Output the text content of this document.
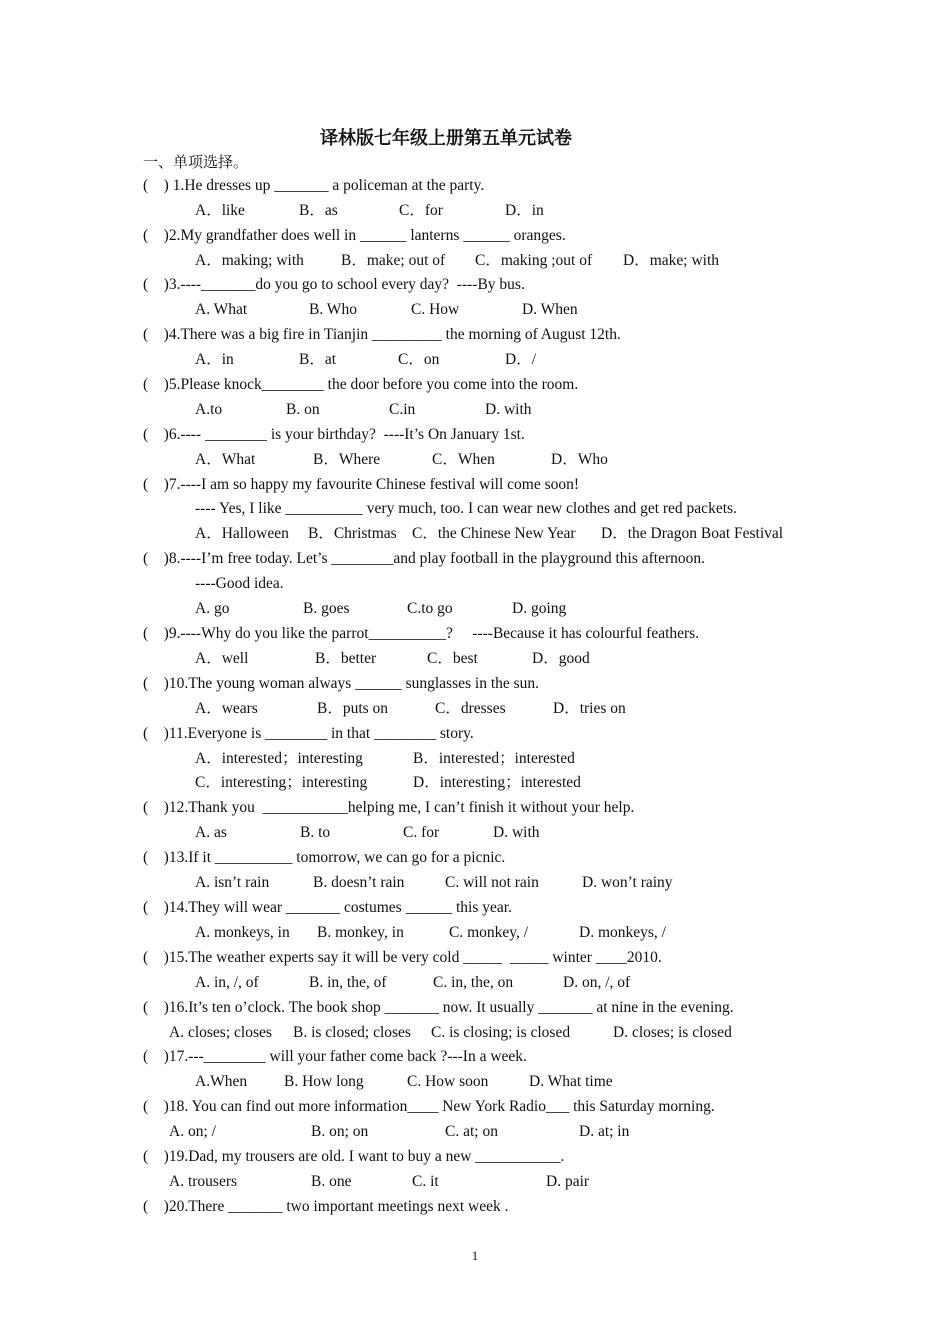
译林版七年级上册第五单元试卷
一、单项选择。
(    ) 1.He dresses up _______ a policeman at the party.

A．like

	B．as

	C．for

	D．in

(    )2.My grandfather does well in ______ lanterns ______ oranges.

A．making; with

B．make; out of

C．making ;out of

D．make; with

(    )3.----_______do you go to school every day?  ----By bus.

A. What

	B. Who

	C. How

	D. When

(    )4.There was a big fire in Tianjin _________ the morning of August 12th.

A．in

	B．at

	C．on

	D．/

(    )5.Please knock________ the door before you come into the room.

A.to

	B. on

	C.in

	D. with

(    )6.---- ________ is your birthday?  ----It’s On January 1st.

A．What

	B．Where

	C．When

	D．Who

(    )7.----I am so happy my favourite Chinese festival will come soon!
---- Yes, I like __________ very much, too. I can wear new clothes and get red packets.

A．Halloween

B．Christmas

C．the Chinese New Year

D．the Dragon Boat Festival

(    )8.----I’m free today. Let’s ________and play football in the playground this afternoon.
----Good idea.

A. go

	B. goes

	C.to go

	D. going

(    )9.----Why do you like the parrot__________?     ----Because it has colourful feathers.

A．well

	B．better

	C．best

	D．good

(    )10.The young woman always ______ sunglasses in the sun.

A．wears

	B．puts on

	C．dresses

	D．tries on

(    )11.Everyone is ________ in that ________ story.

A．interested；interesting

	B．interested；interested

C．interesting；interesting

	D．interesting；interested

(    )12.Thank you  ___________helping me, I can’t finish it without your help.

A. as

	B. to

	C. for

	D. with

(    )13.If it __________ tomorrow, we can go for a picnic.

A. isn’t rain

	B. doesn’t rain

	C. will not rain

	D. won’t rainy

(    )14.They will wear _______ costumes ______ this year.

A. monkeys, in

B. monkey, in

	C. monkey, /

	D. monkeys, /

(    )15.The weather experts say it will be very cold _____  _____ winter ____2010.

A. in, /, of

	B. in, the, of

	C. in, the, on

	D. on, /, of

(    )16.It’s ten o’clock. The book shop _______ now. It usually _______ at nine in the evening.

A. closes; closes

B. is closed; closes

C. is closing; is closed

	D. closes; is closed

(    )17.---________ will your father come back ?---In a week.

A.When

B. How long

	C. How soon

	D. What time

(    )18. You can find out more information____ New York Radio___ this Saturday morning.

A. on; /

	B. on; on

	C. at; on

	D. at; in

(    )19.Dad, my trousers are old. I want to buy a new ___________.

A. trousers

	B. one

	C. it

	D. pair

(    )20.There _______ two important meetings next week .
1
